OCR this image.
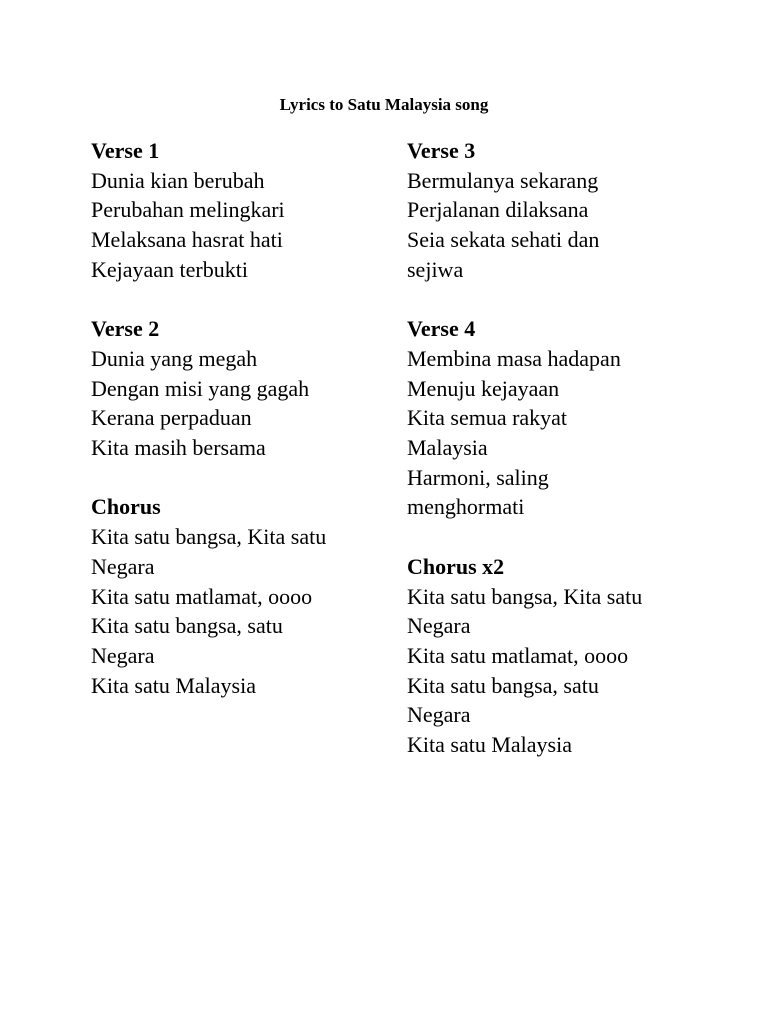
Lyrics to Satu Malaysia song
Verse 1
Dunia kian berubah
Perubahan melingkari
Melaksana hasrat hati
Kejayaan terbukti
Verse 2
Dunia yang megah
Dengan misi yang gagah
Kerana perpaduan
Kita masih bersama
Chorus
Kita satu bangsa, Kita satu
Negara
Kita satu matlamat, oooo
Kita satu bangsa, satu
Negara
Kita satu Malaysia
Verse 3
Bermulanya sekarang
Perjalanan dilaksana
Seia sekata sehati dan
sejiwa
Verse 4
Membina masa hadapan
Menuju kejayaan
Kita semua rakyat
Malaysia
Harmoni, saling
menghormati
Chorus x2
Kita satu bangsa, Kita satu
Negara
Kita satu matlamat, oooo
Kita satu bangsa, satu
Negara
Kita satu Malaysia
